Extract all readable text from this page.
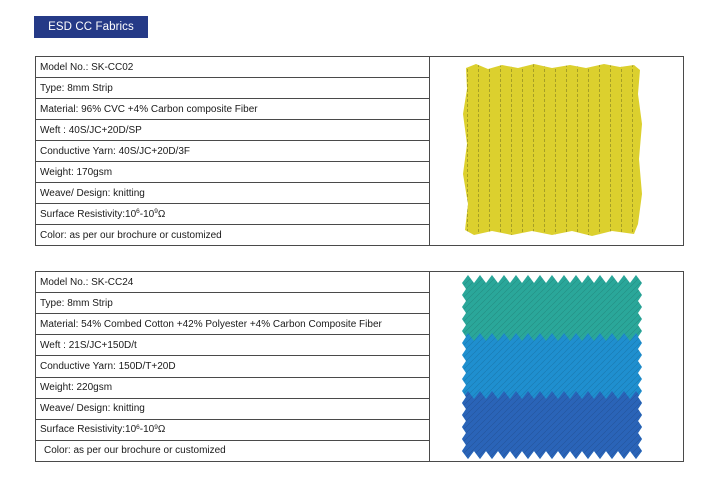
ESD CC Fabrics
Model No.: SK-CC02
Type: 8mm Strip
Material: 96% CVC +4% Carbon composite Fiber
Weft : 40S/JC+20D/SP
Conductive Yarn: 40S/JC+20D/3F
Weight: 170gsm
Weave/ Design: knitting
Surface $Resistivity:10^6$ $-10^9$ Ω
Color: as per our brochure or customized
Model No.: SK-CC24
Type: 8mm Strip
Material: 54% Combed Cotton +42% Polyester +4% Carbon Composite Fiber
Weft : 21S/JC+150D/t
Conductive Yarn: 150D/T+20D
Weight: 220gsm
Weave/ Design: knitting
Surface $Resistivity:10^6$ $-10^9$ Ω
Color: as per our brochure or customized
